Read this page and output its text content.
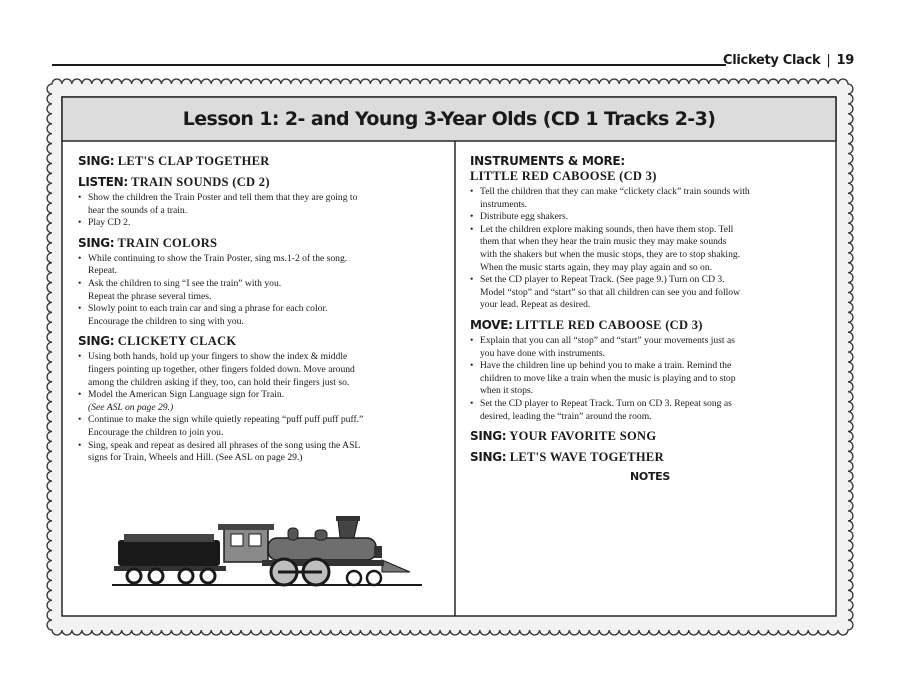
Clickety Clack | 19
Lesson 1: 2- and Young 3-Year Olds (CD 1 Tracks 2-3)
SING: LET'S CLAP TOGETHER
LISTEN: TRAIN SOUNDS (CD 2)
• Show the children the Train Poster and tell them that they are going to
hear the sounds of a train.
• Play CD 2.
SING: TRAIN COLORS
• While continuing to show the Train Poster, sing ms.1-2 of the song.
Repeat.
• Ask the children to sing “I see the train” with you.
Repeat the phrase several times.
• Slowly point to each train car and sing a phrase for each color.
Encourage the children to sing with you.
SING: CLICKETY CLACK
• Using both hands, hold up your fingers to show the index & middle
fingers pointing up together, other fingers folded down. Move around
among the children asking if they, too, can hold their fingers just so.
• Model the American Sign Language sign for Train.
(See ASL on page 29.)
• Continue to make the sign while quietly repeating “puff puff puff puff.”
Encourage the children to join you.
• Sing, speak and repeat as desired all phrases of the song using the ASL
signs for Train, Wheels and Hill. (See ASL on page 29.)
INSTRUMENTS & MORE:
LITTLE RED CABOOSE (CD 3)
• Tell the children that they can make “clickety clack” train sounds with
instruments.
• Distribute egg shakers.
• Let the children explore making sounds, then have them stop. Tell
them that when they hear the train music they may make sounds
with the shakers but when the music stops, they are to stop shaking.
When the music starts again, they may play again and so on.
• Set the CD player to Repeat Track. (See page 9.) Turn on CD 3.
Model “stop” and “start” so that all children can see you and follow
your lead. Repeat as desired.
MOVE: LITTLE RED CABOOSE (CD 3)
• Explain that you can all “stop” and “start” your movements just as
you have done with instruments.
• Have the children line up behind you to make a train. Remind the
children to move like a train when the music is playing and to stop
when it stops.
• Set the CD player to Repeat Track. Turn on CD 3. Repeat song as
desired, leading the “train” around the room.
SING: YOUR FAVORITE SONG
SING: LET'S WAVE TOGETHER
NOTES
